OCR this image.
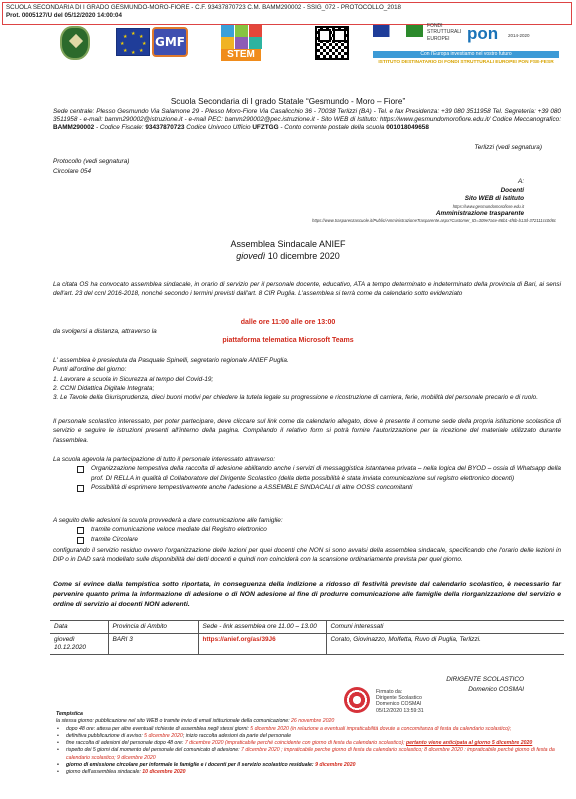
SCUOLA SECONDARIA DI I GRADO GESMUNDO-MORO-FIORE - C.F. 93437870723 C.M. BAMM290002 - SSIG_072 - PROTOCOLLO_2018
Prot. 0005127/U del 05/12/2020 14:00:04
★ ★
★
★
★
★
★
★ GMF
STEM
FONDI STRUTTURALI EUROPEI	pon 2014-2020
Con l'Europa investiamo nel vostro futuro
ISTITUTO DESTINATARIO DI FONDI STRUTTURALI EUROPEI PON FSE-FESR
Scuola Secondaria di I grado Statale “Gesmundo - Moro – Fiore”
Sede centrale: Plesso Gesmundo Via Salamone 29 - Plesso Moro-Fiore Via Casalicchio 36 - 70038 Terlizzi (BA) - Tel. e fax Presidenza: +39 080 3511958 Tel. Segreteria: +39 080 3511958 - e-mail: bamm290002@istruzione.it - e-mail PEC: bamm290002@pec.istruzione.it - Sito WEB di Istituto: https://www.gesmundomorofiore.edu.it/ Codice Meccanografico: BAMM290002 - Codice Fiscale: 93437870723 Codice Univoco Ufficio UFZTGG - Conto corrente postale della scuola 001018049658
Terlizzi (vedi segnatura)
Protocollo (vedi segnatura)
Circolare 054
A:
Docenti
Sito WEB di Istituto
https://www.gesmundomorofiore.edu.it
Amministrazione trasparente
https://www.trasparenzascuole.it/Public/AmministrazioneTrasparente.aspx?Customer_ID=309e7ace-86b1-4f6b-b13d-372111cc0d6c
Assemblea Sindacale ANIEF
giovedì 10 dicembre 2020
La citata OS ha convocato assemblea sindacale, in orario di servizio per il personale docente, educativo, ATA a tempo determinato e indeterminato della provincia di Bari, ai sensi dell'art. 23 del ccnl 2016-2018, nonché secondo i termini previsti dall'art. 8 CIR Puglia. L'assemblea si terrà come da calendario sotto evidenziato
dalle ore 11:00 alle ore 13:00
da svolgersi a distanza, attraverso la
piattaforma telematica Microsoft Teams
L' assemblea è presieduta da Pasquale Spinelli, segretario regionale ANIEF Puglia.
Punti all'ordine del giorno:
1. Lavorare a scuola in Sicurezza al tempo del Covid-19;
2. CCNI Didattica Digitale Integrata;
3. Le Tavole della Giurisprudenza, dieci buoni motivi per chiedere la tutela legale su progressione e ricostruzione di carriera, ferie, mobilità del personale precario e di ruolo.
Il personale scolastico interessato, per poter partecipare, deve cliccare sul link come da calendario allegato, dove è presente il comune sede della propria istituzione scolastica di servizio e seguire le istruzioni presenti all'interno della pagina. Compilando il relativo form si potrà fornire l'autorizzazione per la ricezione del materiale utilizzato durante l'assemblea.
La scuola agevola la partecipazione di tutto il personale interessato attraverso:
Organizzazione tempestiva della raccolta di adesione abilitando anche i servizi di messaggistica istantanea privata – nella logica del BYOD – ossia di Whatsapp della prof. DI RELLA in qualità di Collaboratore del Dirigente Scolastico (della detta possibilità è stata inviata comunicazione sul registro elettronico docenti)
Possibilità di esprimere tempestivamente anche l'adesione a ASSEMBLE SINDACALI di altre OOSS concomitanti
A seguito delle adesioni la scuola provvederà a dare comunicazione alle famiglie:
tramite comunicazione veloce mediate dal Registro elettronico
tramite Circolare
configurando il servizio residuo ovvero l'organizzazione delle lezioni per quei docenti che NON si sono avvalsi della assemblea sindacale, specificando che l'orario delle lezioni in DIP o in DAD sarà modellato sulle disponibilità dei detti docenti e quindi non coinciderà con la scansione ordinariamente prevista per quel giorno.
Come si evince dalla tempistica sotto riportata, in conseguenza della indizione a ridosso di festività previste dal calendario scolastico, è necessario far pervenire quanto prima la informazione di adesione o di NON adesione al fine di produrre comunicazione alle famiglie della riorganizzazione del servizio e ordine di servizio ai docenti NON aderenti.
Data	Provincia di Ambito	Sede - link assemblea ore 11.00 – 13.00	Comuni interessati
giovedì 10.12.2020	BARI 3	https://anief.org/as/39J6	Corato, Giovinazzo, Molfetta, Ruvo di Puglia, Terlizzi.
DIRIGENTE SCOLASTICO
Domenico COSMAI
Firmato da:
Dirigente Scolastico
Domenico COSMAI
05/12/2020 13:59:31
Tempistica
la stessa giorno: pubblicazione nel sito WEB o tramite invio di email istituzionale della comunicazione: 26 novembre 2020
• dopo 48 ore: attesa per altre eventuali richieste di assemblea negli stessi giorni: 5 dicembre 2020 (in relazione a eventuali impraticabilità dovute a concomitanza di festa da calendario scolastico);
• definitiva pubblicazione di avviso: 5 dicembre 2020; inizio raccolta adesioni da parte del personale
• fine raccolta di adesioni del personale dopo 48 ore: 7 dicembre 2020 (impraticabile perché coincidente con giorno di festa da calendario scolastico); pertanto viene anticipata al giorno 5 dicembre 2020
• rispetto dei 5 giorni dal momento del personale del comunicato di adesione: 7 dicembre 2020 ; impraticabile perche giorno di festa da calendario scolastico; 8 dicembre 2020 : impraticabile perché giorno di festa da calendario scolastico; 9 dicembre 2020
• giorno di emissione circolare per informale le famiglie e i docenti per il servizio scolastico residuale: 9 dicembre 2020
• giorno dell'assemblea sindacale: 10 dicembre 2020
